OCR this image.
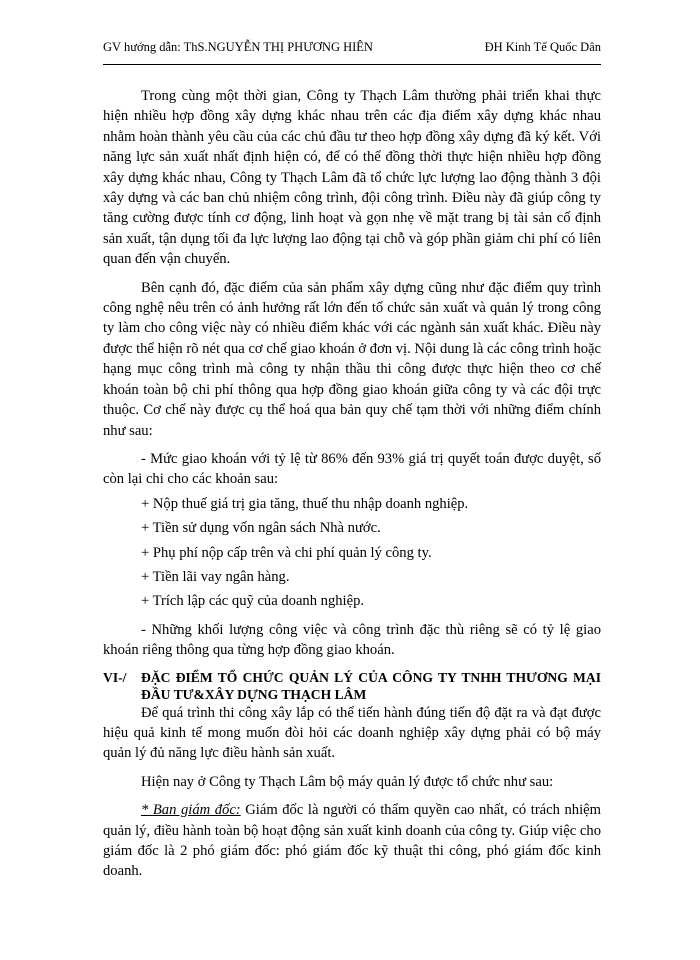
GV hướng dẫn: ThS.NGUYỄN THỊ PHƯƠNG HIÊN	ĐH Kinh Tế Quốc Dân

Trong cùng một thời gian, Công ty Thạch Lâm thường phải triển khai thực hiện nhiều hợp đồng xây dựng khác nhau trên các địa điểm xây dựng khác nhau nhằm hoàn thành yêu cầu của các chủ đầu tư theo hợp đồng xây dựng đã ký kết. Với năng lực sản xuất nhất định hiện có, để có thể đồng thời thực hiện nhiều hợp đồng xây dựng khác nhau, Công ty Thạch Lâm đã tổ chức lực lượng lao động thành 3 đội xây dựng và các ban chủ nhiệm công trình, đội công trình. Điều này đã giúp công ty tăng cường được tính cơ động, linh hoạt và gọn nhẹ về mặt trang bị tài sản cố định sản xuất, tận dụng tối đa lực lượng lao động tại chỗ và góp phần giảm chi phí có liên quan đến vận chuyển.

Bên cạnh đó, đặc điểm của sản phẩm xây dựng cũng như đặc điểm quy trình công nghệ nêu trên có ảnh hưởng rất lớn đến tổ chức sản xuất và quản lý trong công ty làm cho công việc này có nhiều điểm khác với các ngành sản xuất khác. Điều này được thể hiện rõ nét qua cơ chế giao khoán ở đơn vị. Nội dung là các công trình hoặc hạng mục công trình mà công ty nhận thầu thi công được thực hiện theo cơ chế khoán toàn bộ chi phí thông qua hợp đồng giao khoán giữa công ty và các đội trực thuộc. Cơ chế này được cụ thể hoá qua bản quy chế tạm thời với những điểm chính như sau:

- Mức giao khoán với tỷ lệ từ 86% đến 93% giá trị quyết toán được duyệt, số còn lại chi cho các khoản sau:

+ Nộp thuế giá trị gia tăng, thuế thu nhập doanh nghiệp.

+ Tiền sử dụng vốn ngân sách Nhà nước.

+ Phụ phí nộp cấp trên và chi phí quản lý công ty.

+ Tiền lãi vay ngân hàng.

+ Trích lập các quỹ của doanh nghiệp.

- Những khối lượng công việc và công trình đặc thù riêng sẽ có tỷ lệ giao khoán riêng thông qua từng hợp đồng giao khoán.

VI-/	ĐẶC ĐIỂM TỔ CHỨC QUẢN LÝ CỦA CÔNG TY TNHH THƯƠNG MẠI ĐẦU TƯ&XÂY DỰNG THẠCH LÂM

Để quá trình thi công xây lắp có thể tiến hành đúng tiến độ đặt ra và đạt được hiệu quả kinh tế mong muốn đòi hỏi các doanh nghiệp xây dựng phải có bộ máy quản lý đủ năng lực điều hành sản xuất.

Hiện nay ở Công ty Thạch Lâm bộ máy quản lý được tổ chức như sau:

* Ban giám đốc: Giám đốc là người có thẩm quyền cao nhất, có trách nhiệm quản lý, điều hành toàn bộ hoạt động sản xuất kinh doanh của công ty. Giúp việc cho giám đốc là 2 phó giám đốc: phó giám đốc kỹ thuật thi công, phó giám đốc kinh doanh.
